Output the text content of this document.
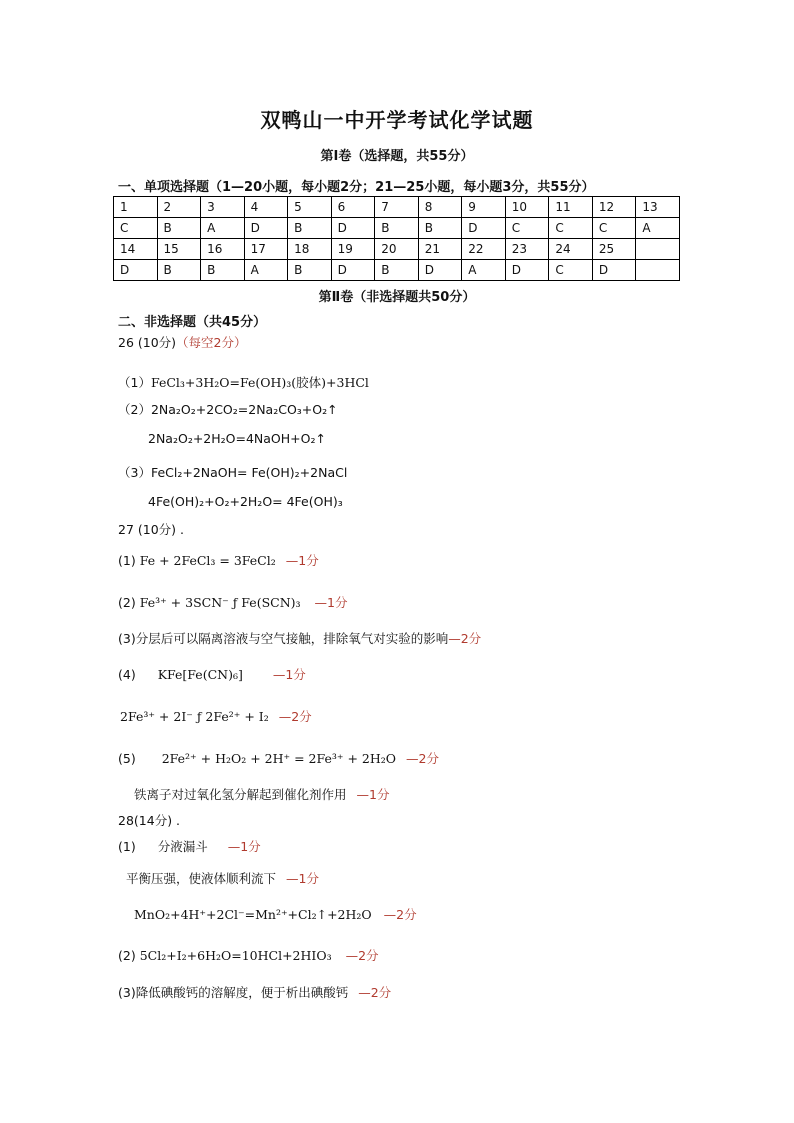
双鸭山一中开学考试化学试题
第Ⅰ卷（选择题，共55分）
一、单项选择题（1—20小题，每小题2分；21—25小题，每小题3分，共55分）
1	2	3	4	5	6	7	8	9	10	11	12	13
C	B	A	D	B	D	B	B	D	C	C	C	A
14	15	16	17	18	19	20	21	22	23	24	25	
D	B	B	A	B	D	B	D	A	D	C	D	
第Ⅱ卷（非选择题共50分）
二、非选择题（共45分）
26 (10分)（每空2分）
（1）FeCl₃+3H₂O=Fe(OH)₃(胶体)+3HCl
（2）2Na₂O₂+2CO₂=2Na₂CO₃+O₂↑
2Na₂O₂+2H₂O=4NaOH+O₂↑
（3）FeCl₂+2NaOH= Fe(OH)₂+2NaCl
4Fe(OH)₂+O₂+2H₂O= 4Fe(OH)₃
27 (10分) .
(1) Fe + 2FeCl₃ = 3FeCl₂ —1分
(2) Fe³⁺ + 3SCN⁻ ƒ Fe(SCN)₃ —1分
(3)分层后可以隔离溶液与空气接触，排除氧气对实验的影响—2分
(4) KFe[Fe(CN)₆] —1分
2Fe³⁺ + 2I⁻ ƒ 2Fe²⁺ + I₂ —2分
(5) 2Fe²⁺ + H₂O₂ + 2H⁺ = 2Fe³⁺ + 2H₂O —2分
铁离子对过氧化氢分解起到催化剂作用 —1分
28(14分) .
(1) 分液漏斗 —1分
平衡压强，使液体顺利流下 —1分
MnO₂+4H⁺+2Cl⁻=Mn²⁺+Cl₂↑+2H₂O —2分
(2) 5Cl₂+I₂+6H₂O=10HCl+2HIO₃ —2分
(3)降低碘酸钙的溶解度，便于析出碘酸钙 —2分
